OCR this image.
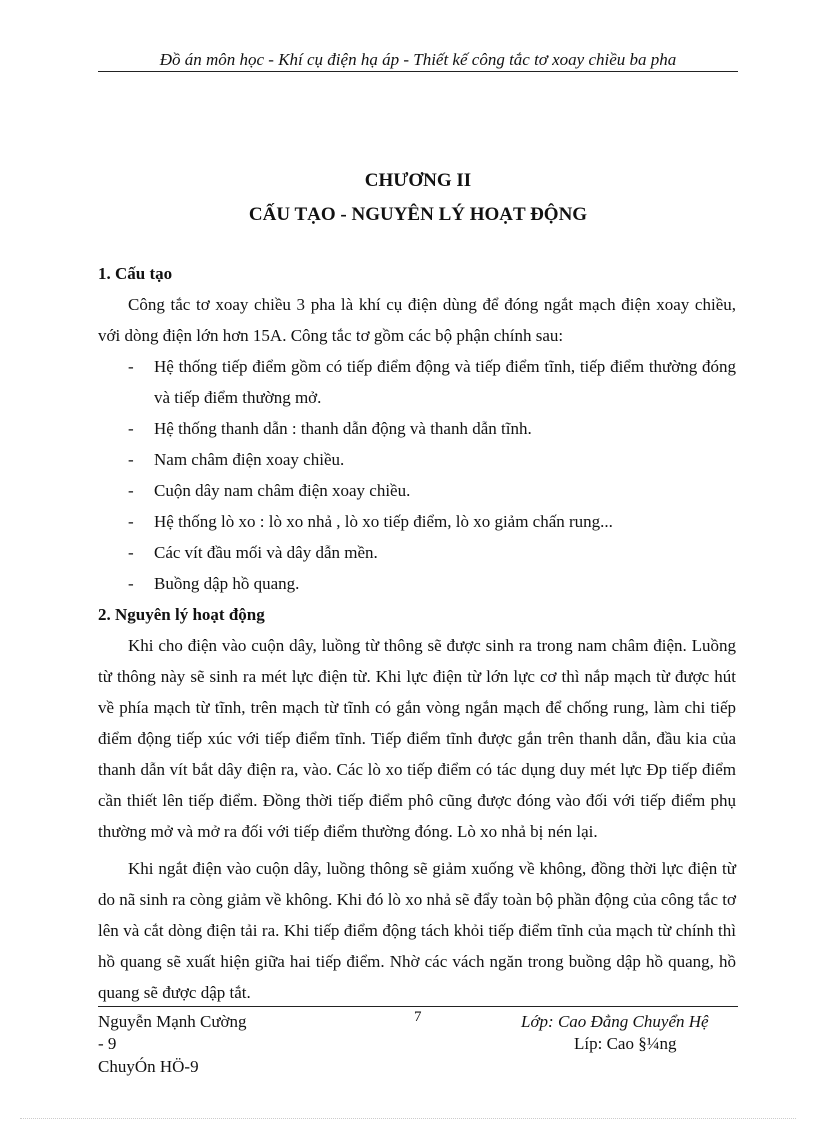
Đồ án môn học - Khí cụ điện hạ áp - Thiết kế công tắc tơ xoay chiều ba pha
CHƯƠNG II
CẤU TẠO - NGUYÊN LÝ HOẠT ĐỘNG

1. Cấu tạo

Công tắc tơ xoay chiều 3 pha là khí cụ điện dùng để đóng ngắt mạch điện xoay chiều, với dòng điện lớn hơn 15A. Công tắc tơ gồm các bộ phận chính sau:

- Hệ thống tiếp điểm gồm có tiếp điểm động và tiếp điểm tĩnh, tiếp điểm thường đóng và tiếp điểm thường mở.
- Hệ thống thanh dẫn : thanh dẫn động và thanh dẫn tĩnh.
- Nam châm điện xoay chiều.
- Cuộn dây nam châm điện xoay chiều.
- Hệ thống lò xo : lò xo nhả , lò xo tiếp điểm, lò xo giảm chấn rung...
- Các vít đầu mối và dây dẫn mền.
- Buồng dập hồ quang.

2. Nguyên lý hoạt động

Khi cho điện vào cuộn dây, luồng từ thông sẽ được sinh ra trong nam châm điện. Luồng từ thông này sẽ sinh ra mét lực điện từ. Khi lực điện từ lớn lực cơ thì nắp mạch từ được hút về phía mạch từ tĩnh, trên mạch từ tĩnh có gắn vòng ngắn mạch để chống rung, làm chi tiếp điểm động tiếp xúc với tiếp điểm tĩnh. Tiếp điểm tĩnh được gắn trên thanh dẫn, đầu kia của thanh dẫn vít bắt dây điện ra, vào. Các lò xo tiếp điểm có tác dụng duy mét lực Đp tiếp điểm cần thiết lên tiếp điểm. Đồng thời tiếp điểm phô cũng được đóng vào đối với tiếp điểm phụ thường mở và mở ra đối với tiếp điểm thường đóng. Lò xo nhả bị nén lại.

Khi ngắt điện vào cuộn dây, luồng thông sẽ giảm xuống về không, đồng thời lực điện từ do nã sinh ra còng giảm về không. Khi đó lò xo nhả sẽ đẩy toàn bộ phần động của công tắc tơ lên và cắt dòng điện tải ra. Khi tiếp điểm động tách khỏi tiếp điểm tĩnh của mạch từ chính thì hồ quang sẽ xuất hiện giữa hai tiếp điểm. Nhờ các vách ngăn trong buồng dập hồ quang, hồ quang sẽ được dập tắt.

Nguyễn Mạnh Cường
- 9
ChuyÓn HÖ-9
7	Lớp: Cao Đẳng Chuyển Hệ
Líp: Cao §¼ng
